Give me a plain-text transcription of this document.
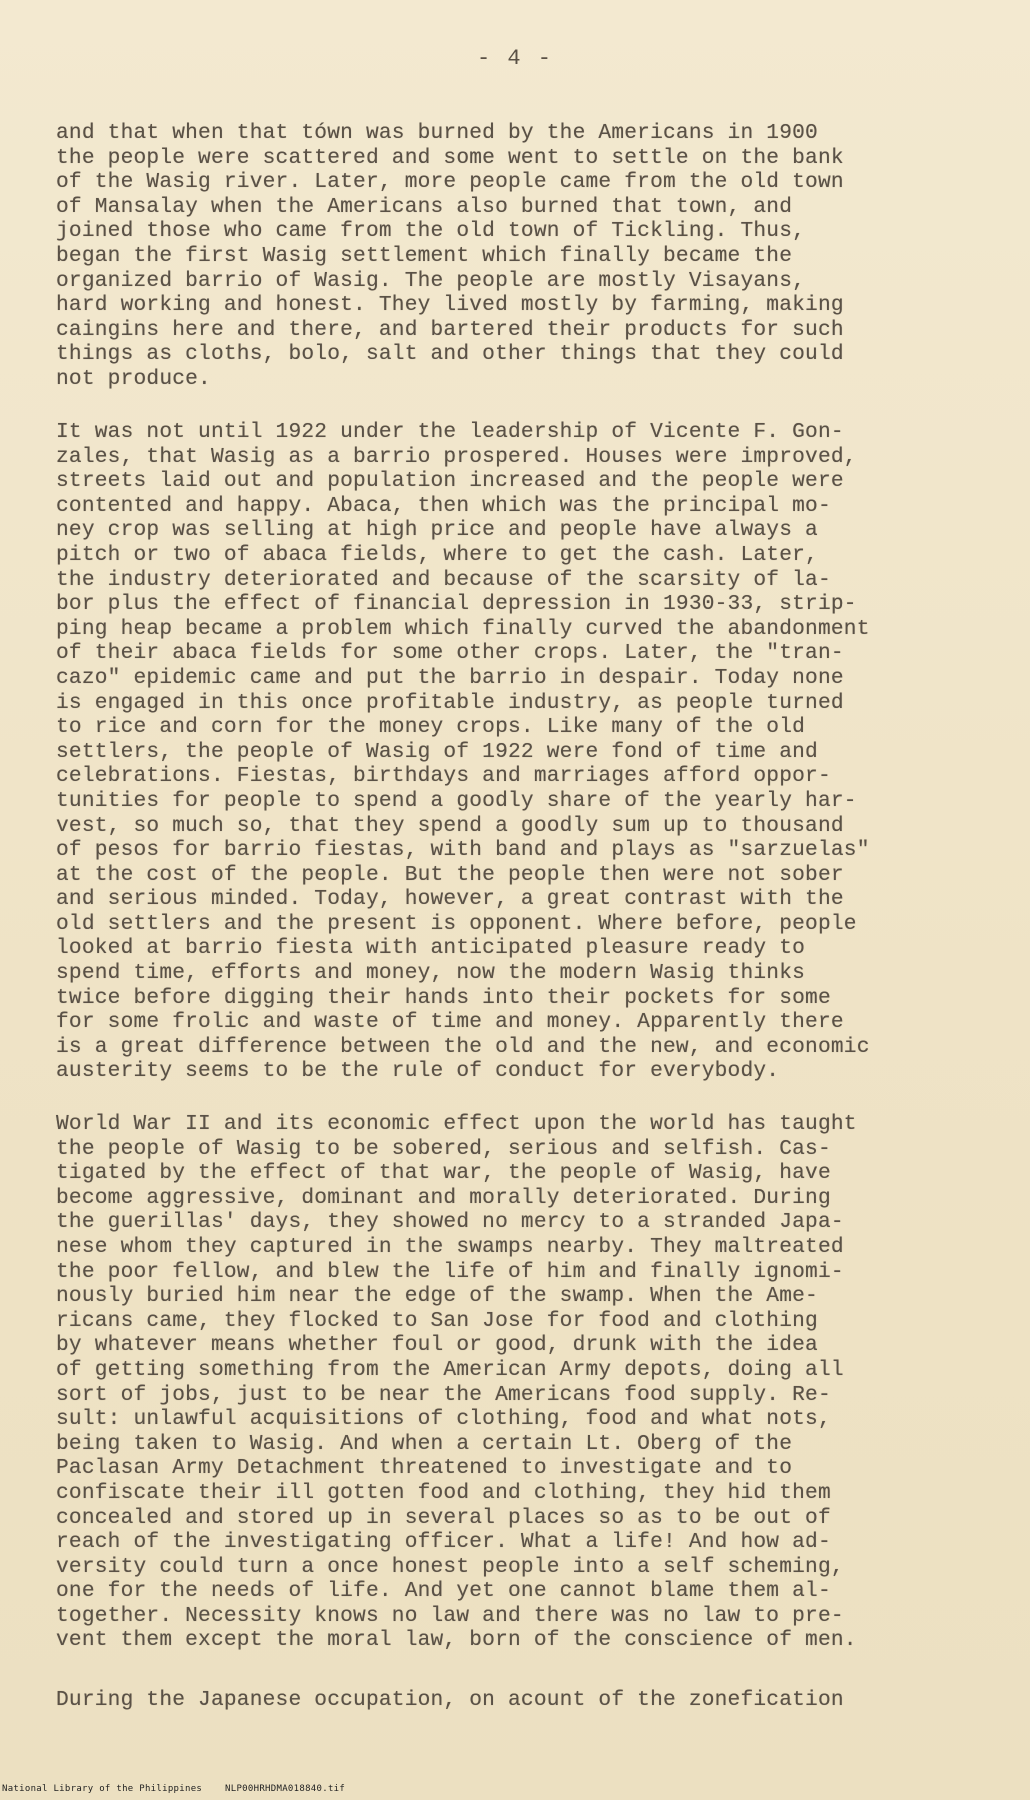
- 4 -
and that when that tówn was burned by the Americans in 1900
the people were scattered and some went to settle on the bank
of the Wasig river. Later, more people came from the old town
of Mansalay when the Americans also burned that town, and
joined those who came from the old town of Tickling. Thus,
began the first Wasig settlement which finally became the
organized barrio of Wasig. The people are mostly Visayans,
hard working and honest. They lived mostly by farming, making
caingins here and there, and bartered their products for such
things as cloths, bolo, salt and other things that they could
not produce.
It was not until 1922 under the leadership of Vicente F. Gon-
zales, that Wasig as a barrio prospered. Houses were improved,
streets laid out and population increased and the people were
contented and happy. Abaca, then which was the principal mo-
ney crop was selling at high price and people have always a
pitch or two of abaca fields, where to get the cash. Later,
the industry deteriorated and because of the scarsity of la-
bor plus the effect of financial depression in 1930-33, strip-
ping heap became a problem which finally curved the abandonment
of their abaca fields for some other crops. Later, the "tran-
cazo" epidemic came and put the barrio in despair. Today none
is engaged in this once profitable industry, as people turned
to rice and corn for the money crops. Like many of the old
settlers, the people of Wasig of 1922 were fond of time and
celebrations. Fiestas, birthdays and marriages afford oppor-
tunities for people to spend a goodly share of the yearly har-
vest, so much so, that they spend a goodly sum up to thousand
of pesos for barrio fiestas, with band and plays as "sarzuelas"
at the cost of the people. But the people then were not sober
and serious minded. Today, however, a great contrast with the
old settlers and the present is opponent. Where before, people
looked at barrio fiesta with anticipated pleasure ready to
spend time, efforts and money, now the modern Wasig thinks
twice before digging their hands into their pockets for some
for some frolic and waste of time and money. Apparently there
is a great difference between the old and the new, and economic
austerity seems to be the rule of conduct for everybody.
World War II and its economic effect upon the world has taught
the people of Wasig to be sobered, serious and selfish. Cas-
tigated by the effect of that war, the people of Wasig, have
become aggressive, dominant and morally deteriorated. During
the guerillas' days, they showed no mercy to a stranded Japa-
nese whom they captured in the swamps nearby. They maltreated
the poor fellow, and blew the life of him and finally ignomi-
nously buried him near the edge of the swamp. When the Ame-
ricans came, they flocked to San Jose for food and clothing
by whatever means whether foul or good, drunk with the idea
of getting something from the American Army depots, doing all
sort of jobs, just to be near the Americans food supply. Re-
sult: unlawful acquisitions of clothing, food and what nots,
being taken to Wasig. And when a certain Lt. Oberg of the
Paclasan Army Detachment threatened to investigate and to
confiscate their ill gotten food and clothing, they hid them
concealed and stored up in several places so as to be out of
reach of the investigating officer. What a life! And how ad-
versity could turn a once honest people into a self scheming,
one for the needs of life. And yet one cannot blame them al-
together. Necessity knows no law and there was no law to pre-
vent them except the moral law, born of the conscience of men.
During the Japanese occupation, on acount of the zonefication
National Library of the Philippines    NLP00HRHDMA018840.tif
